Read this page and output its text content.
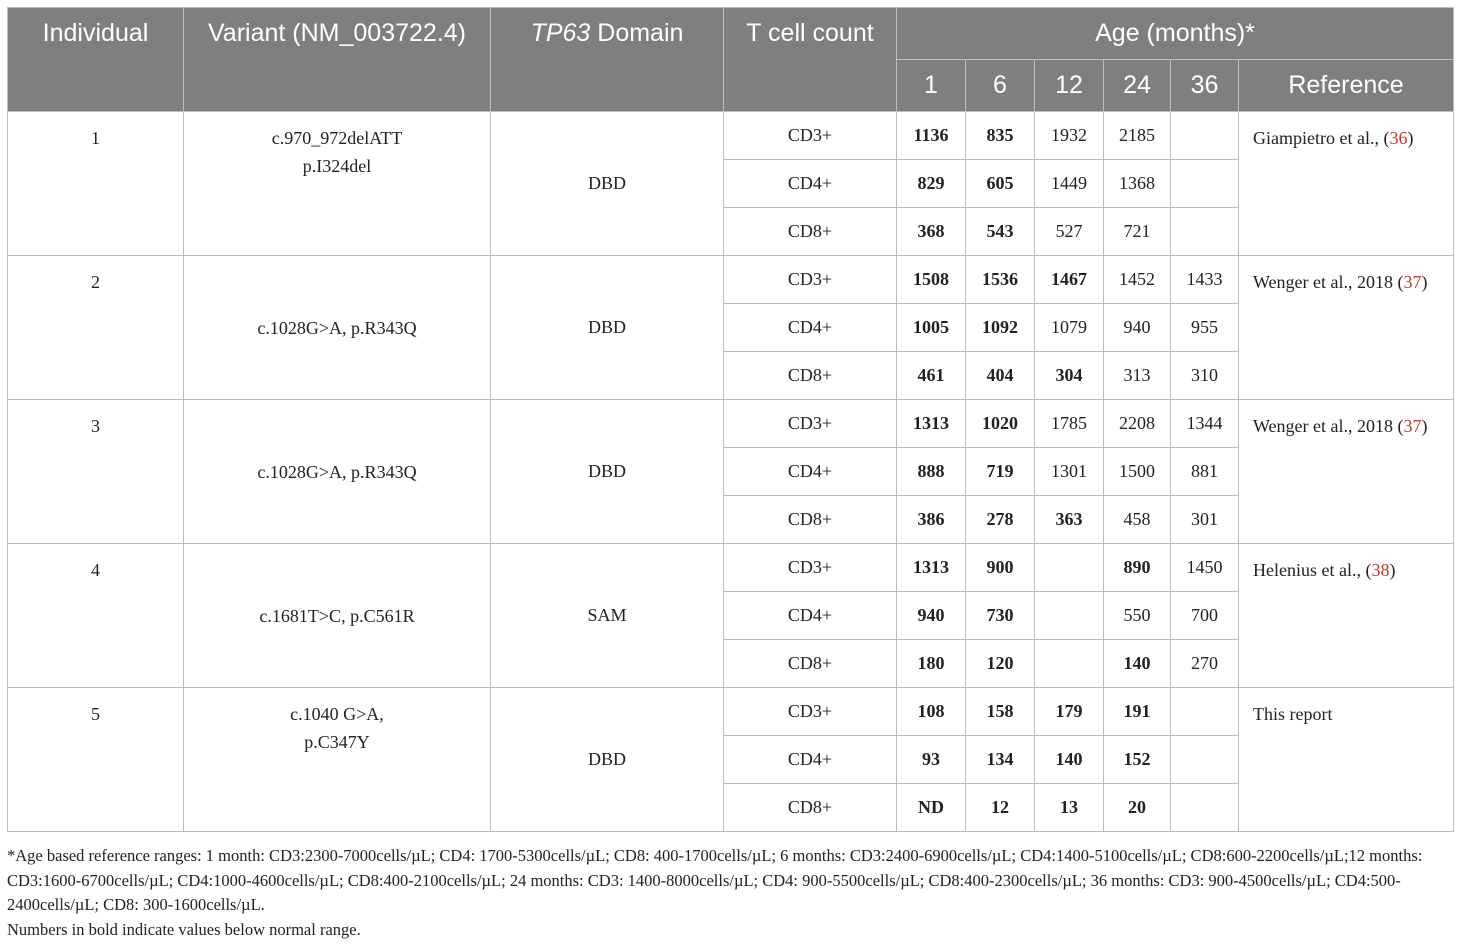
Individual	Variant (NM_003722.4)	TP63 Domain	T cell count	Age (months)*					
				1	6	12	24	36	Reference
1	c.970_972delATT
p.I324del	DBD	CD3+	1136	835	1932	2185		Giampietro et al., (36)
			CD4+	829	605	1449	1368		
			CD8+	368	543	527	721		
2	c.1028G>A, p.R343Q	DBD	CD3+	1508	1536	1467	1452	1433	Wenger et al., 2018 (37)
			CD4+	1005	1092	1079	940	955	
			CD8+	461	404	304	313	310	
3	c.1028G>A, p.R343Q	DBD	CD3+	1313	1020	1785	2208	1344	Wenger et al., 2018 (37)
			CD4+	888	719	1301	1500	881	
			CD8+	386	278	363	458	301	
4	c.1681T>C, p.C561R	SAM	CD3+	1313	900		890	1450	Helenius et al., (38)
			CD4+	940	730		550	700	
			CD8+	180	120		140	270	
5	c.1040 G>A,
p.C347Y	DBD	CD3+	108	158	179	191		This report
			CD4+	93	134	140	152		
			CD8+	ND	12	13	20		

*Age based reference ranges: 1 month: CD3:2300-7000cells/µL; CD4: 1700-5300cells/µL; CD8: 400-1700cells/µL; 6 months: CD3:2400-6900cells/µL; CD4:1400-5100cells/µL; CD8:600-2200cells/µL;12 months: CD3:1600-6700cells/µL; CD4:1000-4600cells/µL; CD8:400-2100cells/µL; 24 months: CD3: 1400-8000cells/µL; CD4: 900-5500cells/µL; CD8:400-2300cells/µL; 36 months: CD3: 900-4500cells/µL; CD4:500-2400cells/µL; CD8: 300-1600cells/µL.

Numbers in bold indicate values below normal range.
